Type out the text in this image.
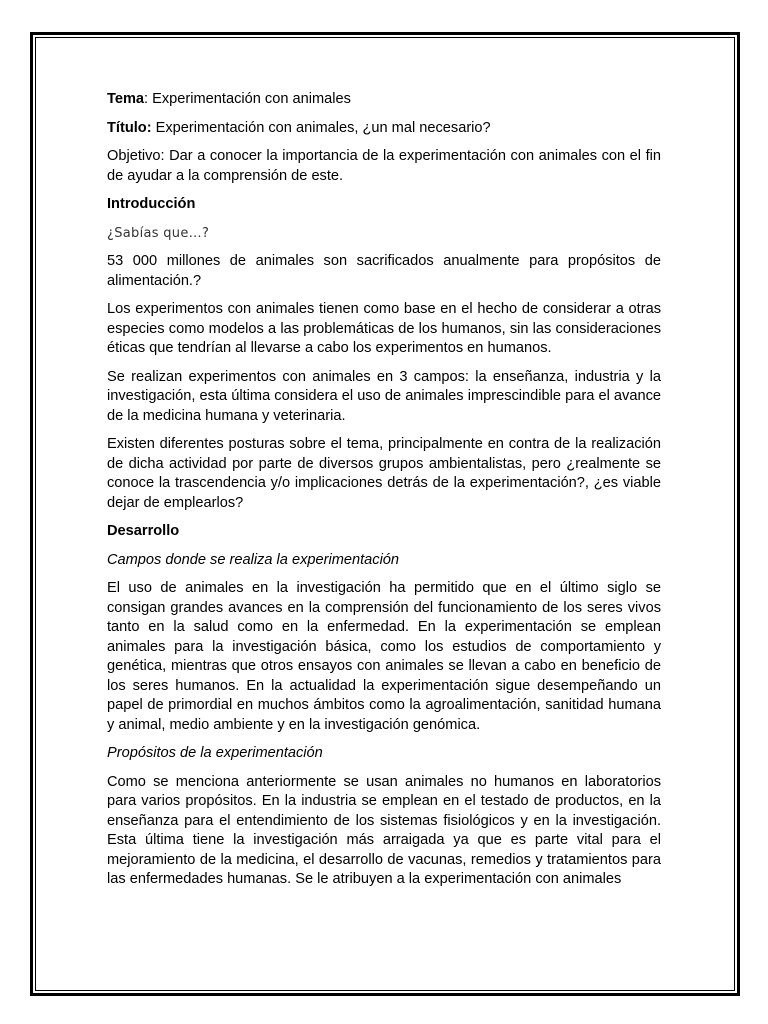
Tema: Experimentación con animales

Título: Experimentación con animales, ¿un mal necesario?

Objetivo: Dar a conocer la importancia de la experimentación con animales con el fin de ayudar a la comprensión de este.

Introducción

¿Sabías que…?

53 000 millones de animales son sacrificados anualmente para propósitos de alimentación.?

Los experimentos con animales tienen como base en el hecho de considerar a otras especies como modelos a las problemáticas de los humanos, sin las consideraciones éticas que tendrían al llevarse a cabo los experimentos en humanos.

Se realizan experimentos con animales en 3 campos: la enseñanza, industria y la investigación, esta última considera el uso de animales imprescindible para el avance de la medicina humana y veterinaria.

Existen diferentes posturas sobre el tema, principalmente en contra de la realización de dicha actividad por parte de diversos grupos ambientalistas, pero ¿realmente se conoce la trascendencia y/o implicaciones detrás de la experimentación?, ¿es viable dejar de emplearlos?

Desarrollo

Campos donde se realiza la experimentación

El uso de animales en la investigación ha permitido que en el último siglo se consigan grandes avances en la comprensión del funcionamiento de los seres vivos tanto en la salud como en la enfermedad. En la experimentación se emplean animales para la investigación básica, como los estudios de comportamiento y genética, mientras que otros ensayos con animales se llevan a cabo en beneficio de los seres humanos. En la actualidad la experimentación sigue desempeñando un papel de primordial en muchos ámbitos como la agroalimentación, sanitidad humana y animal, medio ambiente y en la investigación genómica.

Propósitos de la experimentación

Como se menciona anteriormente se usan animales no humanos en laboratorios para varios propósitos. En la industria se emplean en el testado de productos, en la enseñanza para el entendimiento de los sistemas fisiológicos y en la investigación. Esta última tiene la investigación más arraigada ya que es parte vital para el mejoramiento de la medicina, el desarrollo de vacunas, remedios y tratamientos para las enfermedades humanas. Se le atribuyen a la experimentación con animales
